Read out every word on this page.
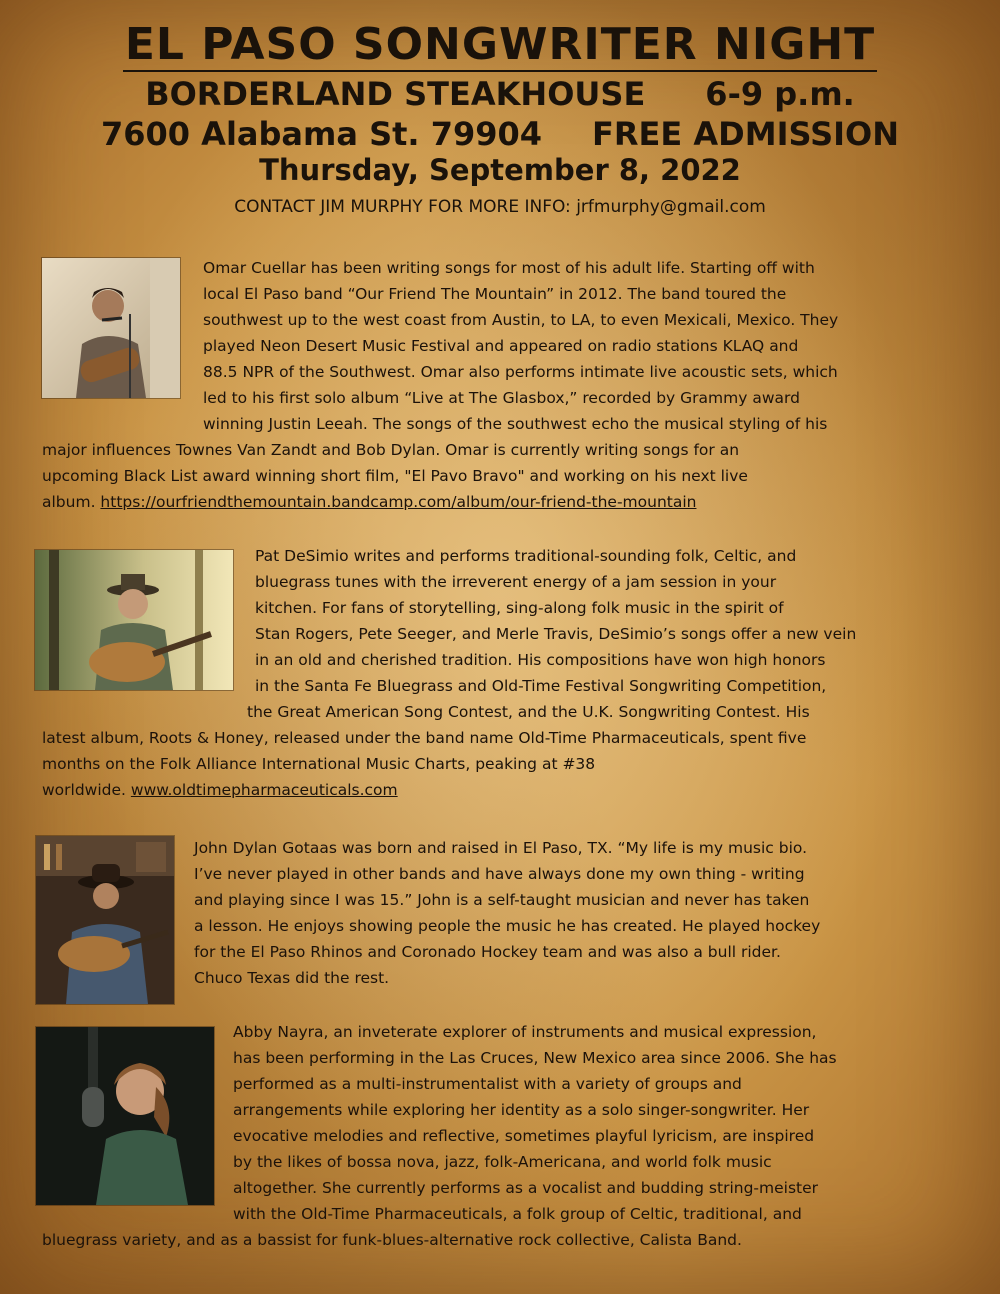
EL PASO SONGWRITER NIGHT
BORDERLAND STEAKHOUSE 6-9 p.m.
7600 Alabama St. 79904 FREE ADMISSION
Thursday, September 8, 2022
CONTACT JIM MURPHY FOR MORE INFO: jrfmurphy@gmail.com
Omar Cuellar has been writing songs for most of his adult life. Starting off with
local El Paso band “Our Friend The Mountain” in 2012. The band toured the
southwest up to the west coast from Austin, to LA, to even Mexicali, Mexico. They
played Neon Desert Music Festival and appeared on radio stations KLAQ and
88.5 NPR of the Southwest. Omar also performs intimate live acoustic sets, which
led to his first solo album “Live at The Glasbox,” recorded by Grammy award
winning Justin Leeah. The songs of the southwest echo the musical styling of his
major influences Townes Van Zandt and Bob Dylan. Omar is currently writing songs for an
upcoming Black List award winning short film, "El Pavo Bravo" and working on his next live
album. https://ourfriendthemountain.bandcamp.com/album/our-friend-the-mountain
Pat DeSimio writes and performs traditional-sounding folk, Celtic, and
bluegrass tunes with the irreverent energy of a jam session in your
kitchen. For fans of storytelling, sing-along folk music in the spirit of
Stan Rogers, Pete Seeger, and Merle Travis, DeSimio’s songs offer a new vein
in an old and cherished tradition. His compositions have won high honors
in the Santa Fe Bluegrass and Old-Time Festival Songwriting Competition,
the Great American Song Contest, and the U.K. Songwriting Contest. His
latest album, Roots & Honey, released under the band name Old-Time Pharmaceuticals, spent five
months on the Folk Alliance International Music Charts, peaking at #38
worldwide. www.oldtimepharmaceuticals.com
John Dylan Gotaas was born and raised in El Paso, TX. “My life is my music bio.
I’ve never played in other bands and have always done my own thing - writing
and playing since I was 15.” John is a self-taught musician and never has taken
a lesson. He enjoys showing people the music he has created. He played hockey
for the El Paso Rhinos and Coronado Hockey team and was also a bull rider.
Chuco Texas did the rest.
Abby Nayra, an inveterate explorer of instruments and musical expression,
has been performing in the Las Cruces, New Mexico area since 2006. She has
performed as a multi-instrumentalist with a variety of groups and
arrangements while exploring her identity as a solo singer-songwriter. Her
evocative melodies and reflective, sometimes playful lyricism, are inspired
by the likes of bossa nova, jazz, folk-Americana, and world folk music
altogether. She currently performs as a vocalist and budding string-meister
with the Old-Time Pharmaceuticals, a folk group of Celtic, traditional, and
bluegrass variety, and as a bassist for funk-blues-alternative rock collective, Calista Band.
